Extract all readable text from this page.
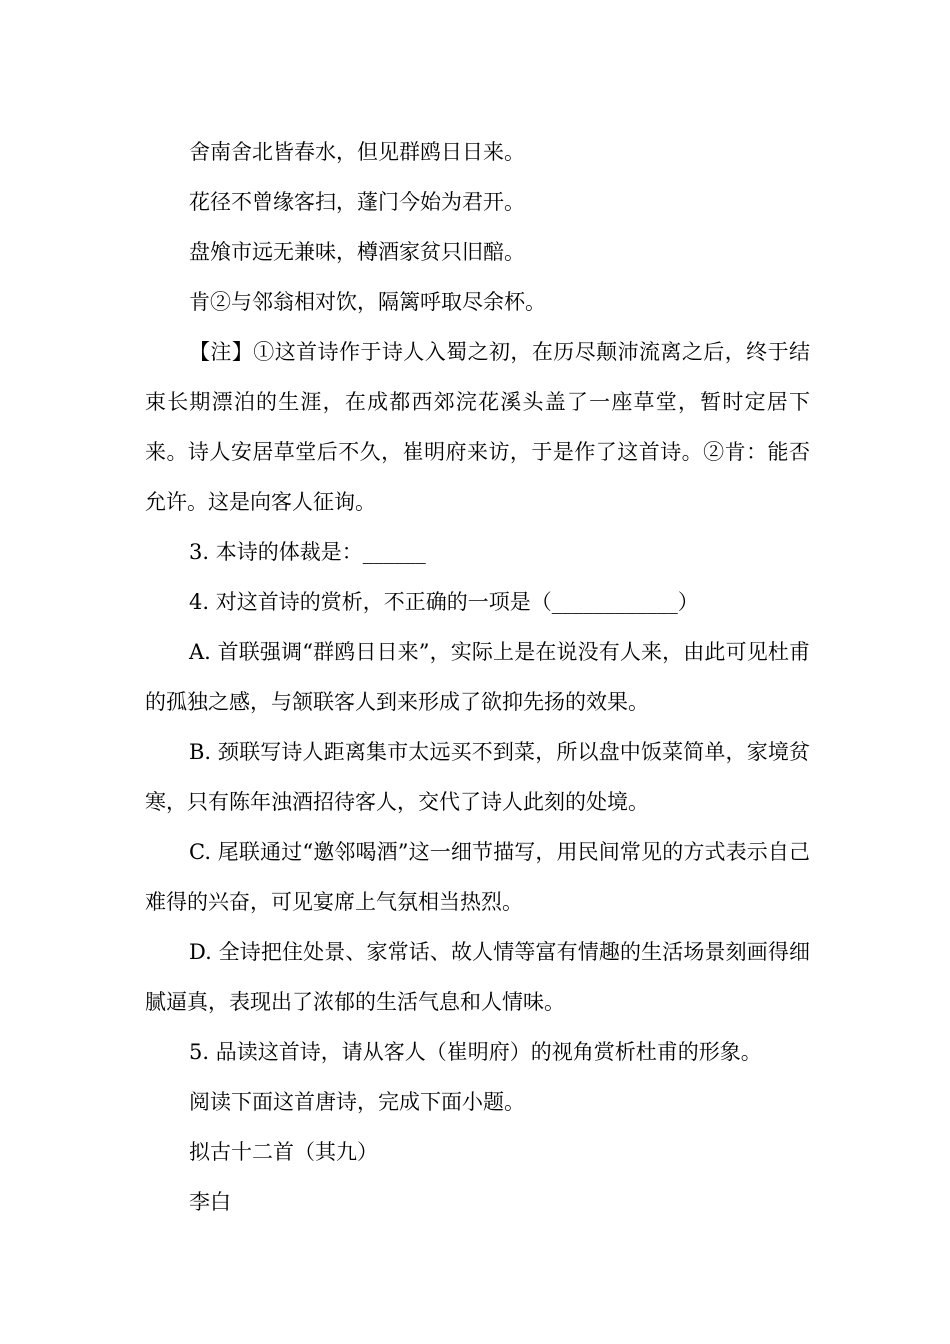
舍南舍北皆春水，但见群鸥日日来。

花径不曾缘客扫，蓬门今始为君开。

盘飧市远无兼味，樽酒家贫只旧醅。

肯②与邻翁相对饮，隔篱呼取尽余杯。

【注】①这首诗作于诗人入蜀之初，在历尽颠沛流离之后，终于结束长期漂泊的生涯，在成都西郊浣花溪头盖了一座草堂，暂时定居下来。诗人安居草堂后不久，崔明府来访，于是作了这首诗。②肯：能否允许。这是向客人征询。

3. 本诗的体裁是：______

4. 对这首诗的赏析，不正确的一项是（____________）

A. 首联强调“群鸥日日来”，实际上是在说没有人来，由此可见杜甫的孤独之感，与颔联客人到来形成了欲抑先扬的效果。

B. 颈联写诗人距离集市太远买不到菜，所以盘中饭菜简单，家境贫寒，只有陈年浊酒招待客人，交代了诗人此刻的处境。

C. 尾联通过“邀邻喝酒”这一细节描写，用民间常见的方式表示自己难得的兴奋，可见宴席上气氛相当热烈。

D. 全诗把住处景、家常话、故人情等富有情趣的生活场景刻画得细腻逼真，表现出了浓郁的生活气息和人情味。

5. 品读这首诗，请从客人（崔明府）的视角赏析杜甫的形象。

阅读下面这首唐诗，完成下面小题。

拟古十二首（其九）

李白
